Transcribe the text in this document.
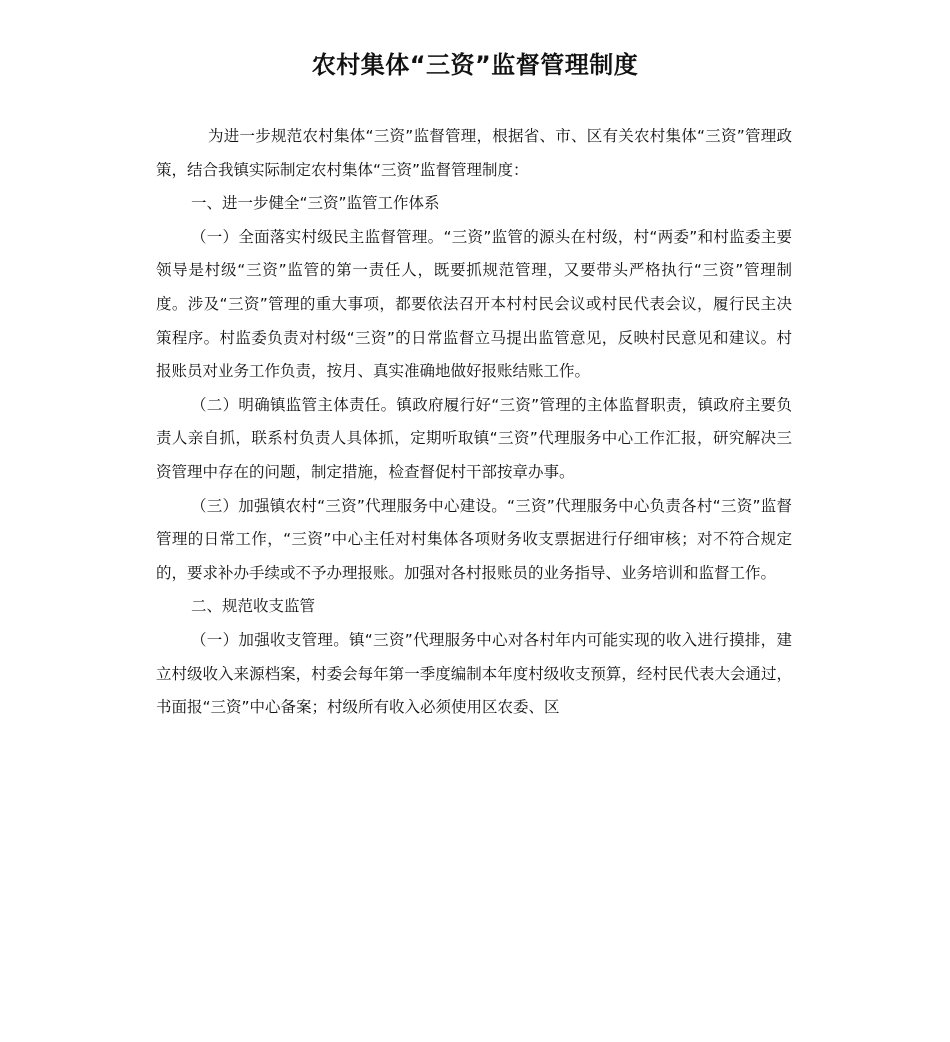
农村集体“三资”监督管理制度

为进一步规范农村集体“三资”监督管理，根据省、市、区有关农村集体“三资”管理政策，结合我镇实际制定农村集体“三资”监督管理制度：

一、进一步健全“三资”监管工作体系

（一）全面落实村级民主监督管理。“三资”监管的源头在村级，村“两委”和村监委主要领导是村级“三资”监管的第一责任人，既要抓规范管理，又要带头严格执行“三资”管理制度。涉及“三资”管理的重大事项，都要依法召开本村村民会议或村民代表会议，履行民主决策程序。村监委负责对村级“三资”的日常监督立马提出监管意见，反映村民意见和建议。村报账员对业务工作负责，按月、真实准确地做好报账结账工作。

（二）明确镇监管主体责任。镇政府履行好“三资”管理的主体监督职责，镇政府主要负责人亲自抓，联系村负责人具体抓，定期听取镇“三资”代理服务中心工作汇报，研究解决三资管理中存在的问题，制定措施，检查督促村干部按章办事。

（三）加强镇农村“三资”代理服务中心建设。“三资”代理服务中心负责各村“三资”监督管理的日常工作，“三资”中心主任对村集体各项财务收支票据进行仔细审核；对不符合规定的，要求补办手续或不予办理报账。加强对各村报账员的业务指导、业务培训和监督工作。

二、规范收支监管

（一）加强收支管理。镇“三资”代理服务中心对各村年内可能实现的收入进行摸排，建立村级收入来源档案，村委会每年第一季度编制本年度村级收支预算，经村民代表大会通过，书面报“三资”中心备案；村级所有收入必须使用区农委、区
